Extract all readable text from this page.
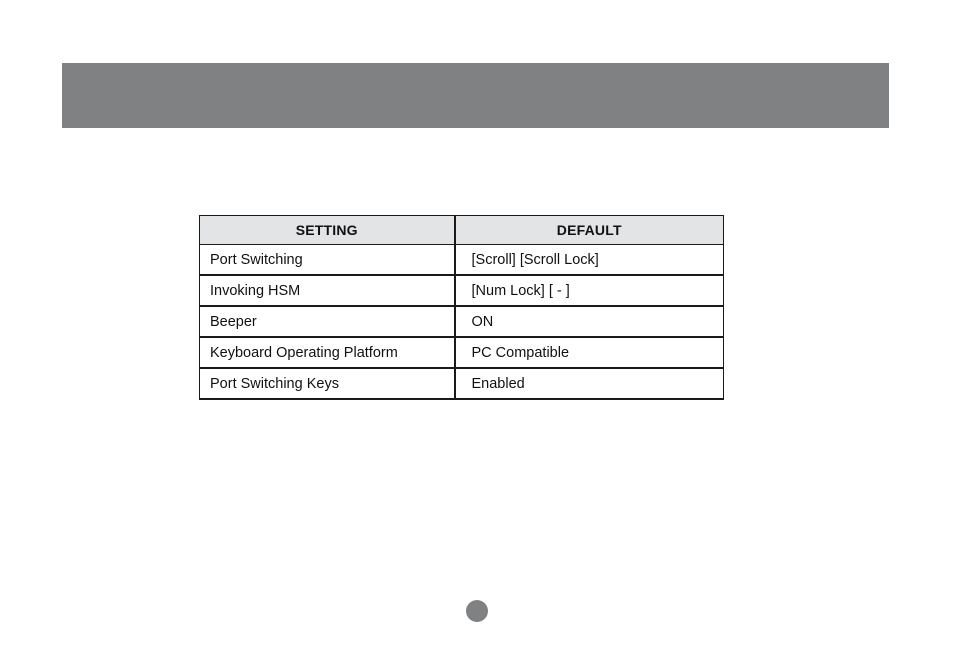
SETTING	DEFAULT
Port Switching	[Scroll] [Scroll Lock]
Invoking HSM	[Num Lock] [ - ]
Beeper	ON
Keyboard Operating Platform	PC Compatible
Port Switching Keys	Enabled
